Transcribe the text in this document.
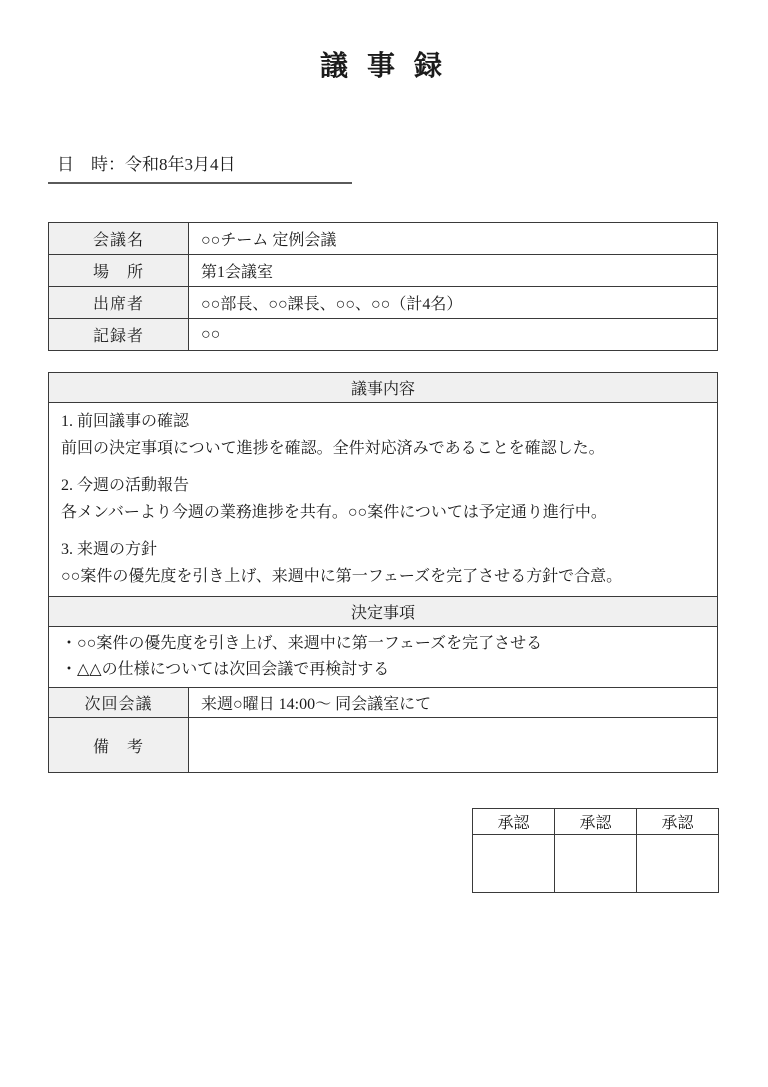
議 事 録
日　時：令和8年3月4日
会議名	○○チーム 定例会議
場　所	第1会議室
出席者	○○部長、○○課長、○○、○○（計4名）
記録者	○○
議事内容

1. 前回議事の確認

前回の決定事項について進捗を確認。全件対応済みであることを確認した。

2. 今週の活動報告

各メンバーより今週の業務進捗を共有。○○案件については予定通り進行中。

3. 来週の方針

○○案件の優先度を引き上げ、来週中に第一フェーズを完了させる方針で合意。

決定事項

・○○案件の優先度を引き上げ、来週中に第一フェーズを完了させる

・△△の仕様については次回会議で再検討する

次回会議	来週○曜日 14:00〜 同会議室にて
備　考	
承認	承認	承認
